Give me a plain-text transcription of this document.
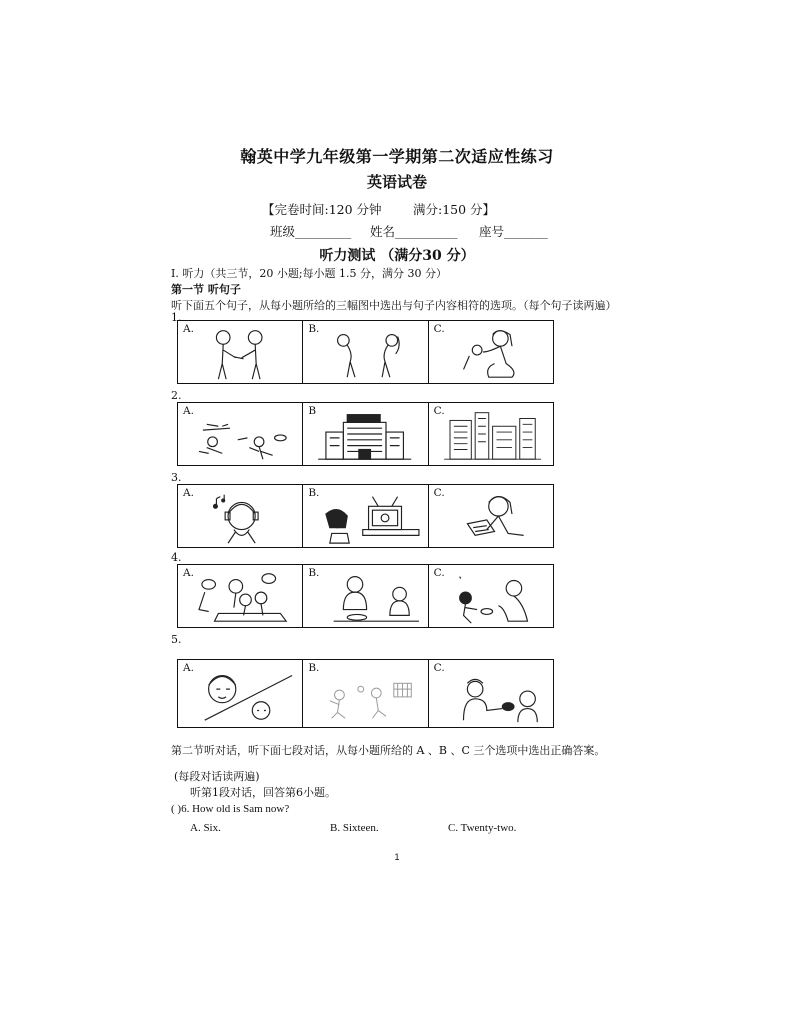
翰英中学九年级第一学期第二次适应性练习
英语试卷
【完卷时间:120 分钟	满分:150 分】
班级_________ 姓名__________ 座号_______
听力测试 （满分30 分）
I. 听力（共三节，20 小题;每小题 1.5 分，满分 30 分）
第一节 听句子
听下面五个句子，从每小题所给的三幅图中选出与句子内容相符的选项。（每个句子读两遍）
1.
A.	B.	C.
2.
A.	B	C.
3.
A.	B.	C.
4.
A.	B.	C.
5.
A.	B.	C.
第二节听对话，听下面七段对话，从每小题所给的 A 、B 、C 三个选项中选出正确答案。
(每段对话读两遍)
听第1段对话，回答第6小题。
( )6. How old is Sam now?
A. Six.	B. Sixteen.	C. Twenty-two.
1
